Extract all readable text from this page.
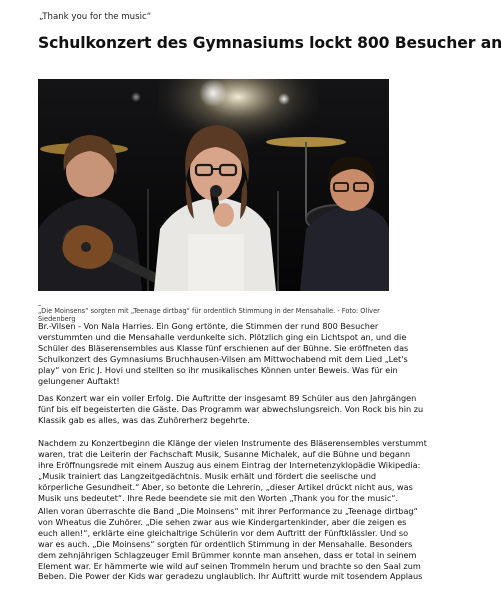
„Thank you for the music“
Schulkonzert des Gymnasiums lockt 800 Besucher an
_
„Die Moinsens“ sorgten mit „Teenage dirtbag“ für ordentlich Stimmung in der Mensahalle. - Foto: Oliver
Siedenberg

Br.-Vilsen - Von Nala Harries. Ein Gong ertönte, die Stimmen der rund 800 Besucher
verstummten und die Mensahalle verdunkelte sich. Plötzlich ging ein Lichtspot an, und die
Schüler des Bläserensembles aus Klasse fünf erschienen auf der Bühne. Sie eröffneten das
Schulkonzert des Gymnasiums Bruchhausen-Vilsen am Mittwochabend mit dem Lied „Let's
play“ von Eric J. Hovi und stellten so ihr musikalisches Können unter Beweis. Was für ein
gelungener Auftakt!

Das Konzert war ein voller Erfolg. Die Auftritte der insgesamt 89 Schüler aus den Jahrgängen
fünf bis elf begeisterten die Gäste. Das Programm war abwechslungsreich. Von Rock bis hin zu
Klassik gab es alles, was das Zuhörerherz begehrte.

Nachdem zu Konzertbeginn die Klänge der vielen Instrumente des Bläserensembles verstummt
waren, trat die Leiterin der Fachschaft Musik, Susanne Michalek, auf die Bühne und begann
ihre Eröffnungsrede mit einem Auszug aus einem Eintrag der Internetenzyklopädie Wikipedia:
„Musik trainiert das Langzeitgedächtnis. Musik erhält und fördert die seelische und
körperliche Gesundheit.“ Aber, so betonte die Lehrerin, „dieser Artikel drückt nicht aus, was
Musik uns bedeutet“. Ihre Rede beendete sie mit den Worten „Thank you for the music“.

Allen voran überraschte die Band „Die Moinsens“ mit ihrer Performance zu „Teenage dirtbag“
von Wheatus die Zuhörer. „Die sehen zwar aus wie Kindergartenkinder, aber die zeigen es
euch allen!“, erklärte eine gleichaltrige Schülerin vor dem Auftritt der Fünftklässler. Und so
war es auch. „Die Moinsens“ sorgten für ordentlich Stimmung in der Mensahalle. Besonders
dem zehnjährigen Schlagzeuger Emil Brümmer konnte man ansehen, dass er total in seinem
Element war. Er hämmerte wie wild auf seinen Trommeln herum und brachte so den Saal zum
Beben. Die Power der Kids war geradezu unglaublich. Ihr Auftritt wurde mit tosendem Applaus
